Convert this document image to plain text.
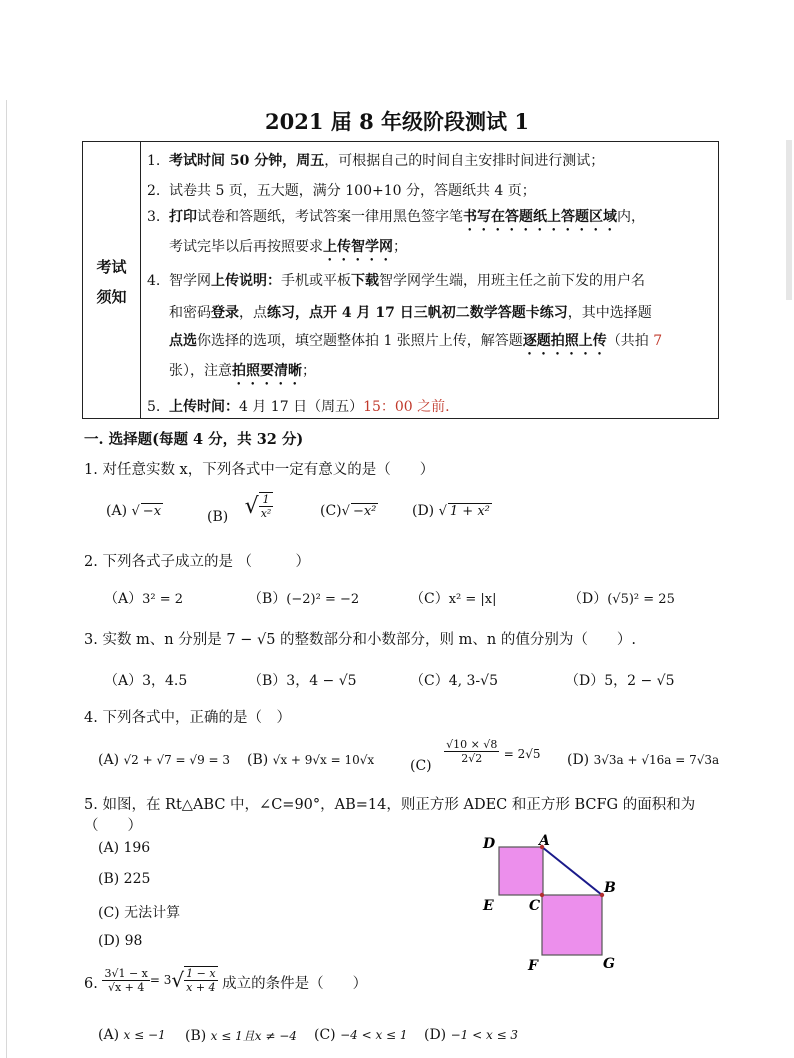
2021 届 8 年级阶段测试 1
考试
须知
1. 考试时间 50 分钟，周五，可根据自己的时间自主安排时间进行测试；
2. 试卷共 5 页，五大题，满分 100+10 分，答题纸共 4 页；
3. 打印试卷和答题纸，考试答案一律用黑色签字笔书写在答题纸上答题区域内，
考试完毕以后再按照要求上传智学网；
4. 智学网上传说明：手机或平板下载智学网学生端，用班主任之前下发的用户名
和密码登录，点练习，点开 4 月 17 日三帆初二数学答题卡练习，其中选择题
点选你选择的选项，填空题整体拍 1 张照片上传，解答题逐题拍照上传（共拍 7
张），注意拍照要清晰；
5. 上传时间：4 月 17 日（周五）15：00 之前.
一. 选择题(每题 4 分，共 32 分)
1. 对任意实数 x，下列各式中一定有意义的是（　　）
(A) √ −x	(B) √ $\frac{1}{\text{x²}}$	(C) √ −x²	(D) √ 1 + x²
2. 下列各式子成立的是 （　　　）
（A）3² = 2	（B）(−2)² = −2	（C）x² = |x|	（D）(√5)² = 25
3. 实数 m、n 分别是 7 − √5 的整数部分和小数部分，则 m、n 的值分别为（　　）.
（A）3，4.5	（B）3，4 − √5	（C）4, 3-√5	（D）5，2 − √5
4. 下列各式中，正确的是（　）
(A) √2 + √7 = √9 = 3 (B) √x + 9√x = 10√x	(C)
$\frac{√10 \times √8}{2√2} = 2√5$ (D) 3√3a + √16a = 7√3a
5. 如图，在 Rt△ABC 中，∠C=90°，AB=14，则正方形 ADEC 和正方形 BCFG 的面积和为
（　　）
(A) 196
(B) 225
(C) 无法计算
(D) 98
D	A
B
E	C
F	G
6. $\frac{3√1 - x}{√x + 4} = 3√ \frac{1 - x}{x + 4}$ 成立的条件是（　　）
(A) x ≤ −1 (B) x ≤ 1且x ≠ −4 (C) −4 < x ≤ 1 (D) −1 < x ≤ 3
